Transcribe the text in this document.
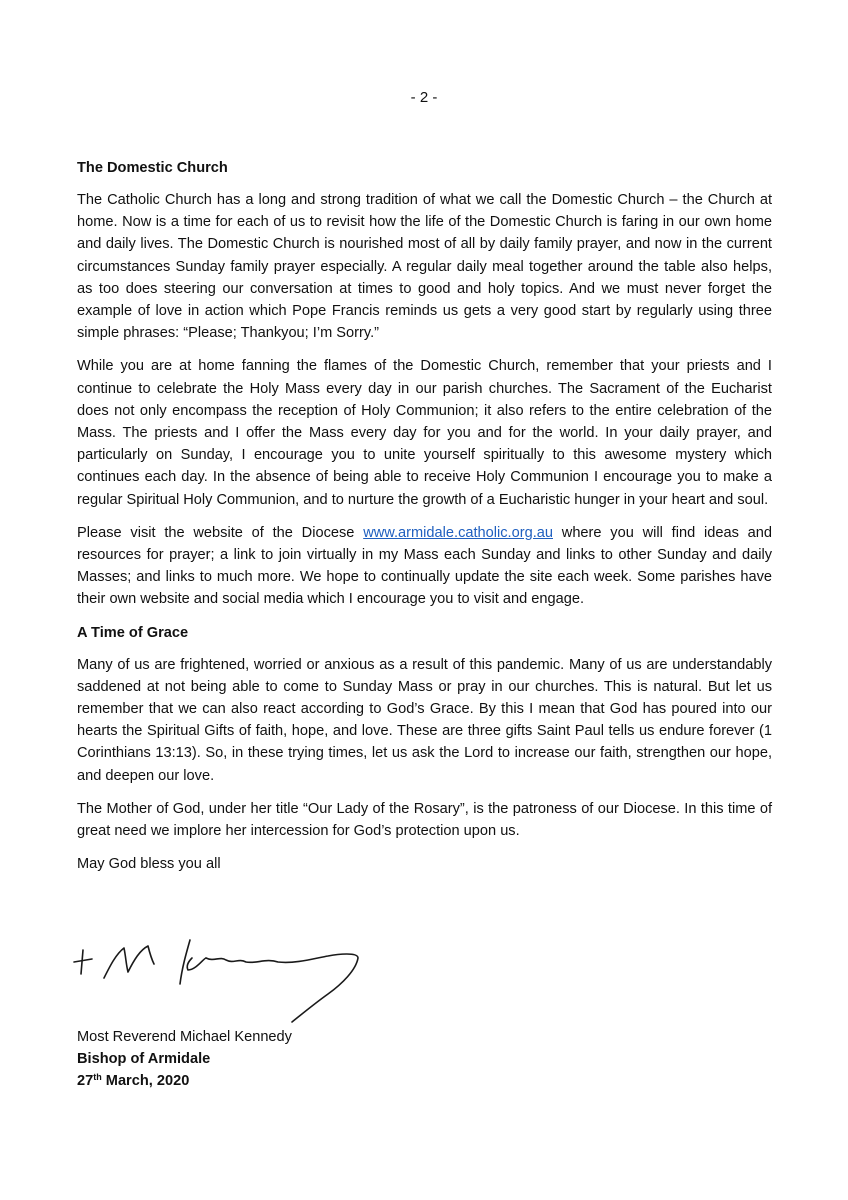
- 2 -
The Domestic Church

The Catholic Church has a long and strong tradition of what we call the Domestic Church – the Church at home. Now is a time for each of us to revisit how the life of the Domestic Church is faring in our own home and daily lives. The Domestic Church is nourished most of all by daily family prayer, and now in the current circumstances Sunday family prayer especially. A regular daily meal together around the table also helps, as too does steering our conversation at times to good and holy topics. And we must never forget the example of love in action which Pope Francis reminds us gets a very good start by regularly using three simple phrases: “Please; Thankyou; I’m Sorry.”

While you are at home fanning the flames of the Domestic Church, remember that your priests and I continue to celebrate the Holy Mass every day in our parish churches. The Sacrament of the Eucharist does not only encompass the reception of Holy Communion; it also refers to the entire celebration of the Mass. The priests and I offer the Mass every day for you and for the world. In your daily prayer, and particularly on Sunday, I encourage you to unite yourself spiritually to this awesome mystery which continues each day. In the absence of being able to receive Holy Communion I encourage you to make a regular Spiritual Holy Communion, and to nurture the growth of a Eucharistic hunger in your heart and soul.

Please visit the website of the Diocese www.armidale.catholic.org.au where you will find ideas and resources for prayer; a link to join virtually in my Mass each Sunday and links to other Sunday and daily Masses; and links to much more. We hope to continually update the site each week. Some parishes have their own website and social media which I encourage you to visit and engage.

A Time of Grace

Many of us are frightened, worried or anxious as a result of this pandemic. Many of us are understandably saddened at not being able to come to Sunday Mass or pray in our churches. This is natural. But let us remember that we can also react according to God’s Grace. By this I mean that God has poured into our hearts the Spiritual Gifts of faith, hope, and love. These are three gifts Saint Paul tells us endure forever (1 Corinthians 13:13). So, in these trying times, let us ask the Lord to increase our faith, strengthen our hope, and deepen our love.

The Mother of God, under her title “Our Lady of the Rosary”, is the patroness of our Diocese. In this time of great need we implore her intercession for God’s protection upon us.

May God bless you all

Most Reverend Michael Kennedy
Bishop of Armidale
27th March, 2020
